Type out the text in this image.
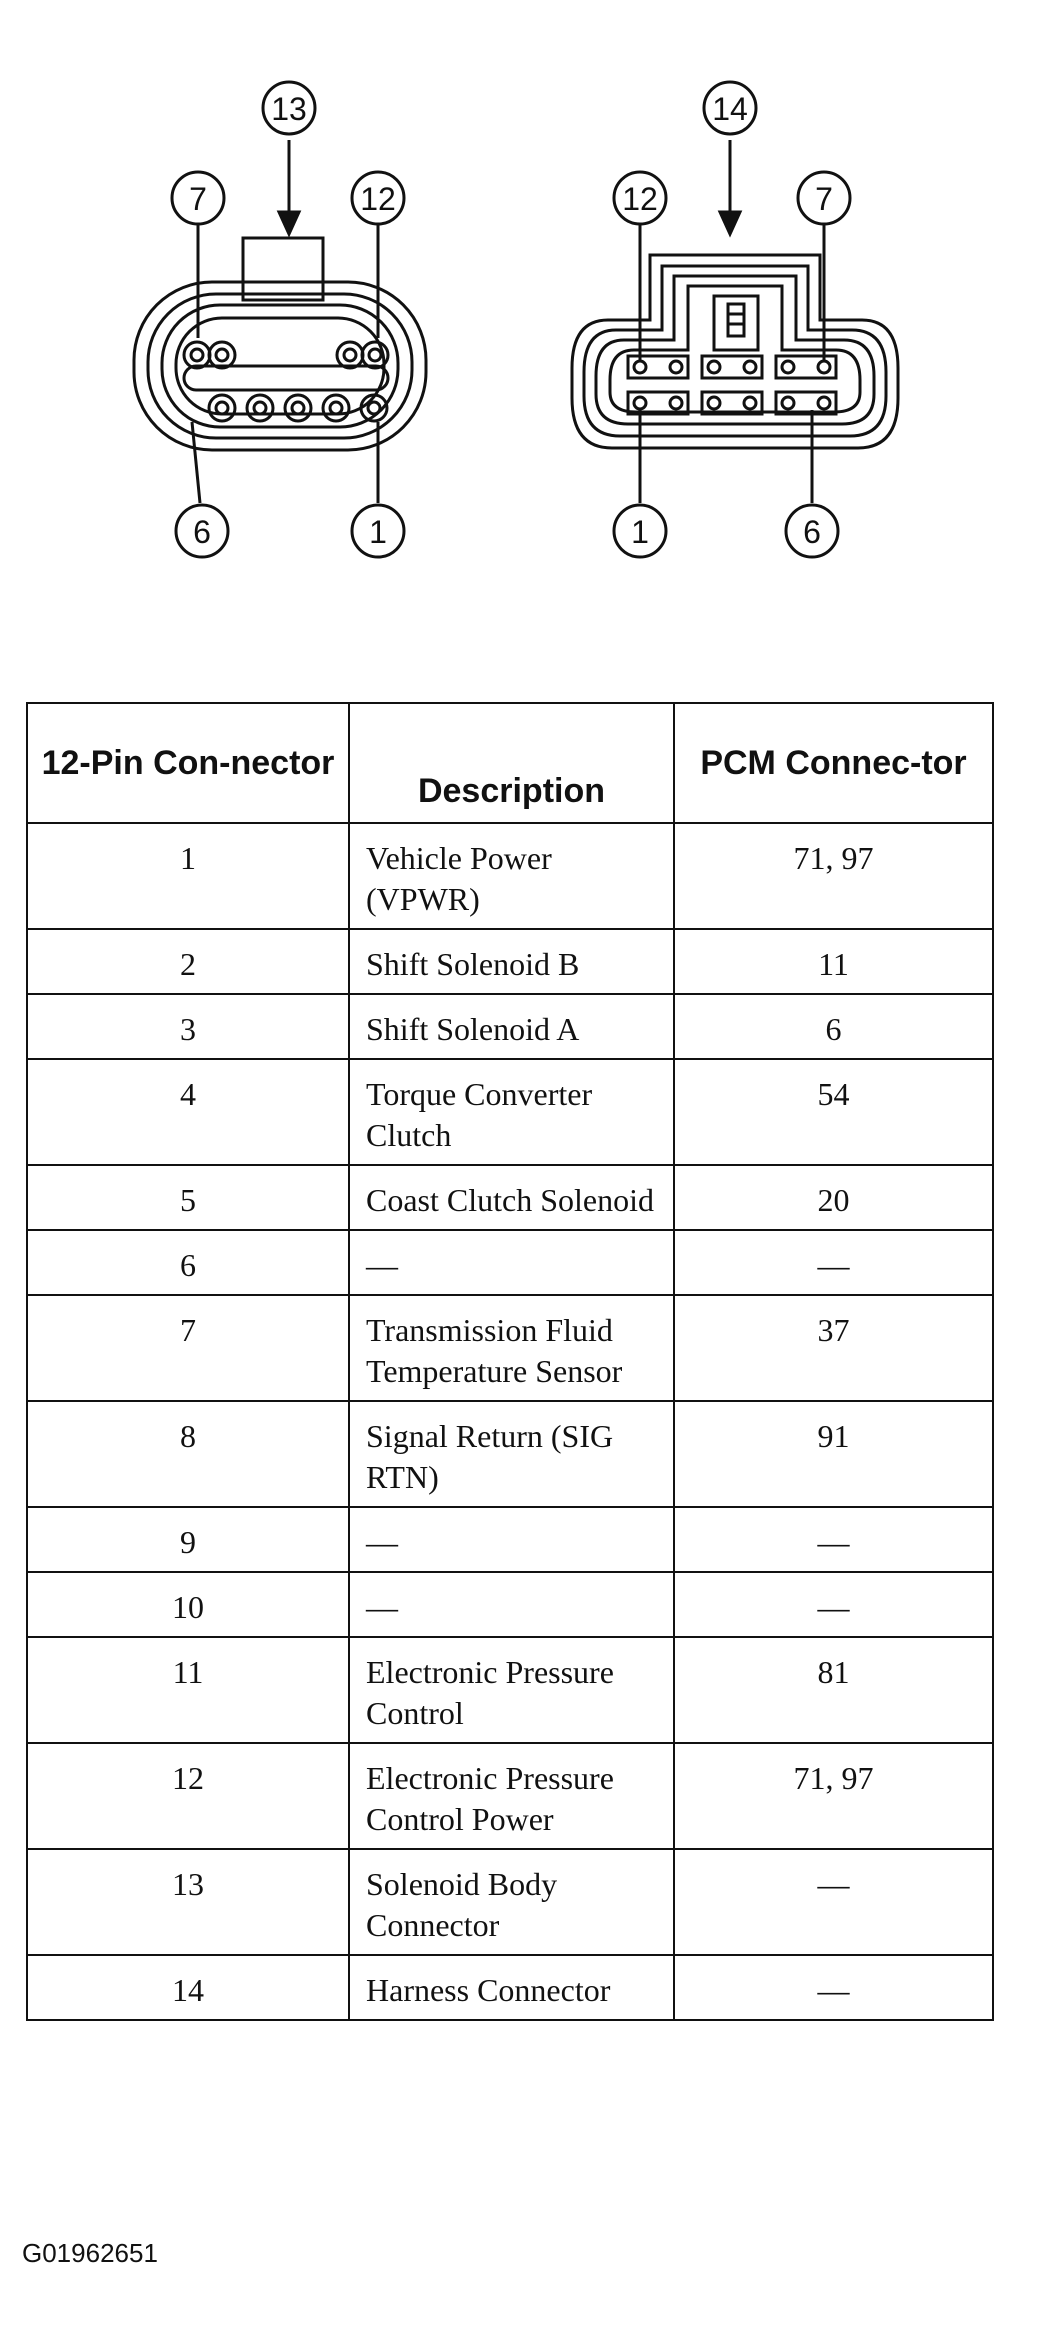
13
7	12
6	1
14
12	7
1	6
12-Pin Con-nector	Description	PCM Connec-tor
1	Vehicle Power (VPWR)	71, 97
2	Shift Solenoid B	11
3	Shift Solenoid A	6
4	Torque Converter Clutch	54
5	Coast Clutch Solenoid	20
6	—	—
7	Transmission Fluid Temperature Sensor	37
8	Signal Return (SIG RTN)	91
9	—	—
10	—	—
11	Electronic Pressure Control	81
12	Electronic Pressure Control Power	71, 97
13	Solenoid Body Connector	—
14	Harness Connector	—
G01962651
